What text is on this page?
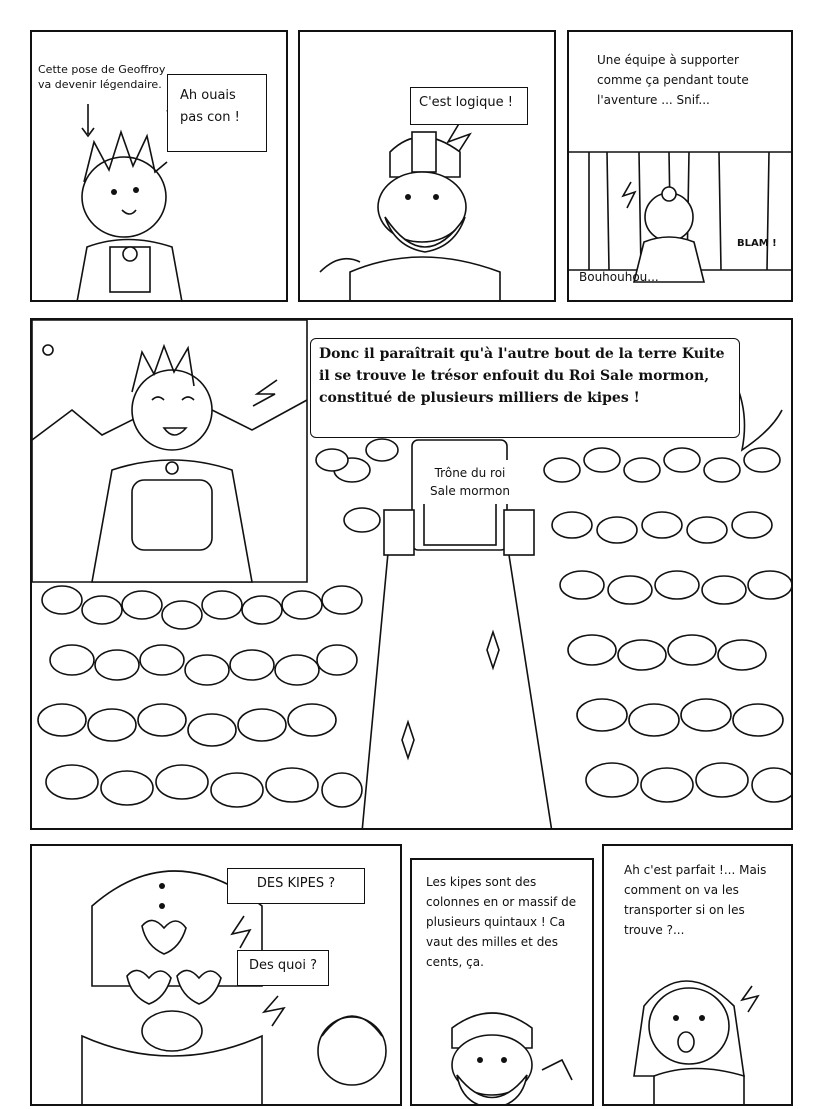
Cette pose de Geoffroy va devenir légendaire.
Ah ouais pas con !
C'est logique !
Une équipe à supporter comme ça pendant toute l'aventure ... Snif...
BLAM !
Bouhouhou...
Donc il paraîtrait qu'à l'autre bout de la terre Kuite il se trouve le trésor enfouit du Roi Sale mormon, constitué de plusieurs milliers de kipes !
Trône du roi Sale mormon
DES KIPES ?
Des quoi ?
Les kipes sont des colonnes en or massif de plusieurs quintaux ! Ca vaut des milles et des cents, ça.
Ah c'est parfait !... Mais comment on va les transporter si on les trouve ?...
